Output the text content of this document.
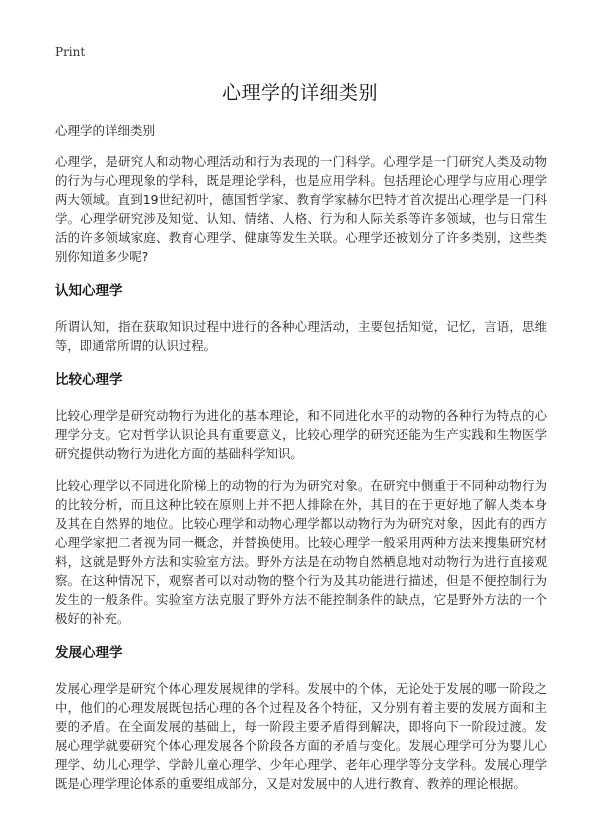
Print
心理学的详细类别

心理学的详细类别

心理学，是研究人和动物心理活动和行为表现的一门科学。心理学是一门研究人类及动物的行为与心理现象的学科，既是理论学科，也是应用学科。包括理论心理学与应用心理学两大领域。直到19世纪初叶，德国哲学家、教育学家赫尔巴特才首次提出心理学是一门科学。心理学研究涉及知觉、认知、情绪、人格、行为和人际关系等许多领域，也与日常生活的许多领域家庭、教育心理学、健康等发生关联。心理学还被划分了许多类别，这些类别你知道多少呢?

认知心理学

所谓认知，指在获取知识过程中进行的各种心理活动，主要包括知觉，记忆，言语，思维等，即通常所谓的认识过程。

比较心理学

比较心理学是研究动物行为进化的基本理论，和不同进化水平的动物的各种行为特点的心理学分支。它对哲学认识论具有重要意义，比较心理学的研究还能为生产实践和生物医学研究提供动物行为进化方面的基础科学知识。

比较心理学以不同进化阶梯上的动物的行为为研究对象。在研究中侧重于不同种动物行为的比较分析，而且这种比较在原则上并不把人排除在外，其目的在于更好地了解人类本身及其在自然界的地位。比较心理学和动物心理学都以动物行为为研究对象，因此有的西方心理学家把二者视为同一概念，并替换使用。比较心理学一般采用两种方法来搜集研究材料，这就是野外方法和实验室方法。野外方法是在动物自然栖息地对动物行为进行直接观察。在这种情况下，观察者可以对动物的整个行为及其功能进行描述，但是不便控制行为发生的一般条件。实验室方法克服了野外方法不能控制条件的缺点，它是野外方法的一个极好的补充。

发展心理学

发展心理学是研究个体心理发展规律的学科。发展中的个体，无论处于发展的哪一阶段之中，他们的心理发展既包括心理的各个过程及各个特征，又分别有着主要的发展方面和主要的矛盾。在全面发展的基础上，每一阶段主要矛盾得到解决，即将向下一阶段过渡。发展心理学就要研究个体心理发展各个阶段各方面的矛盾与变化。发展心理学可分为婴儿心理学、幼儿心理学、学龄儿童心理学、少年心理学、老年心理学等分支学科。发展心理学既是心理学理论体系的重要组成部分，又是对发展中的人进行教育、教养的理论根据。
